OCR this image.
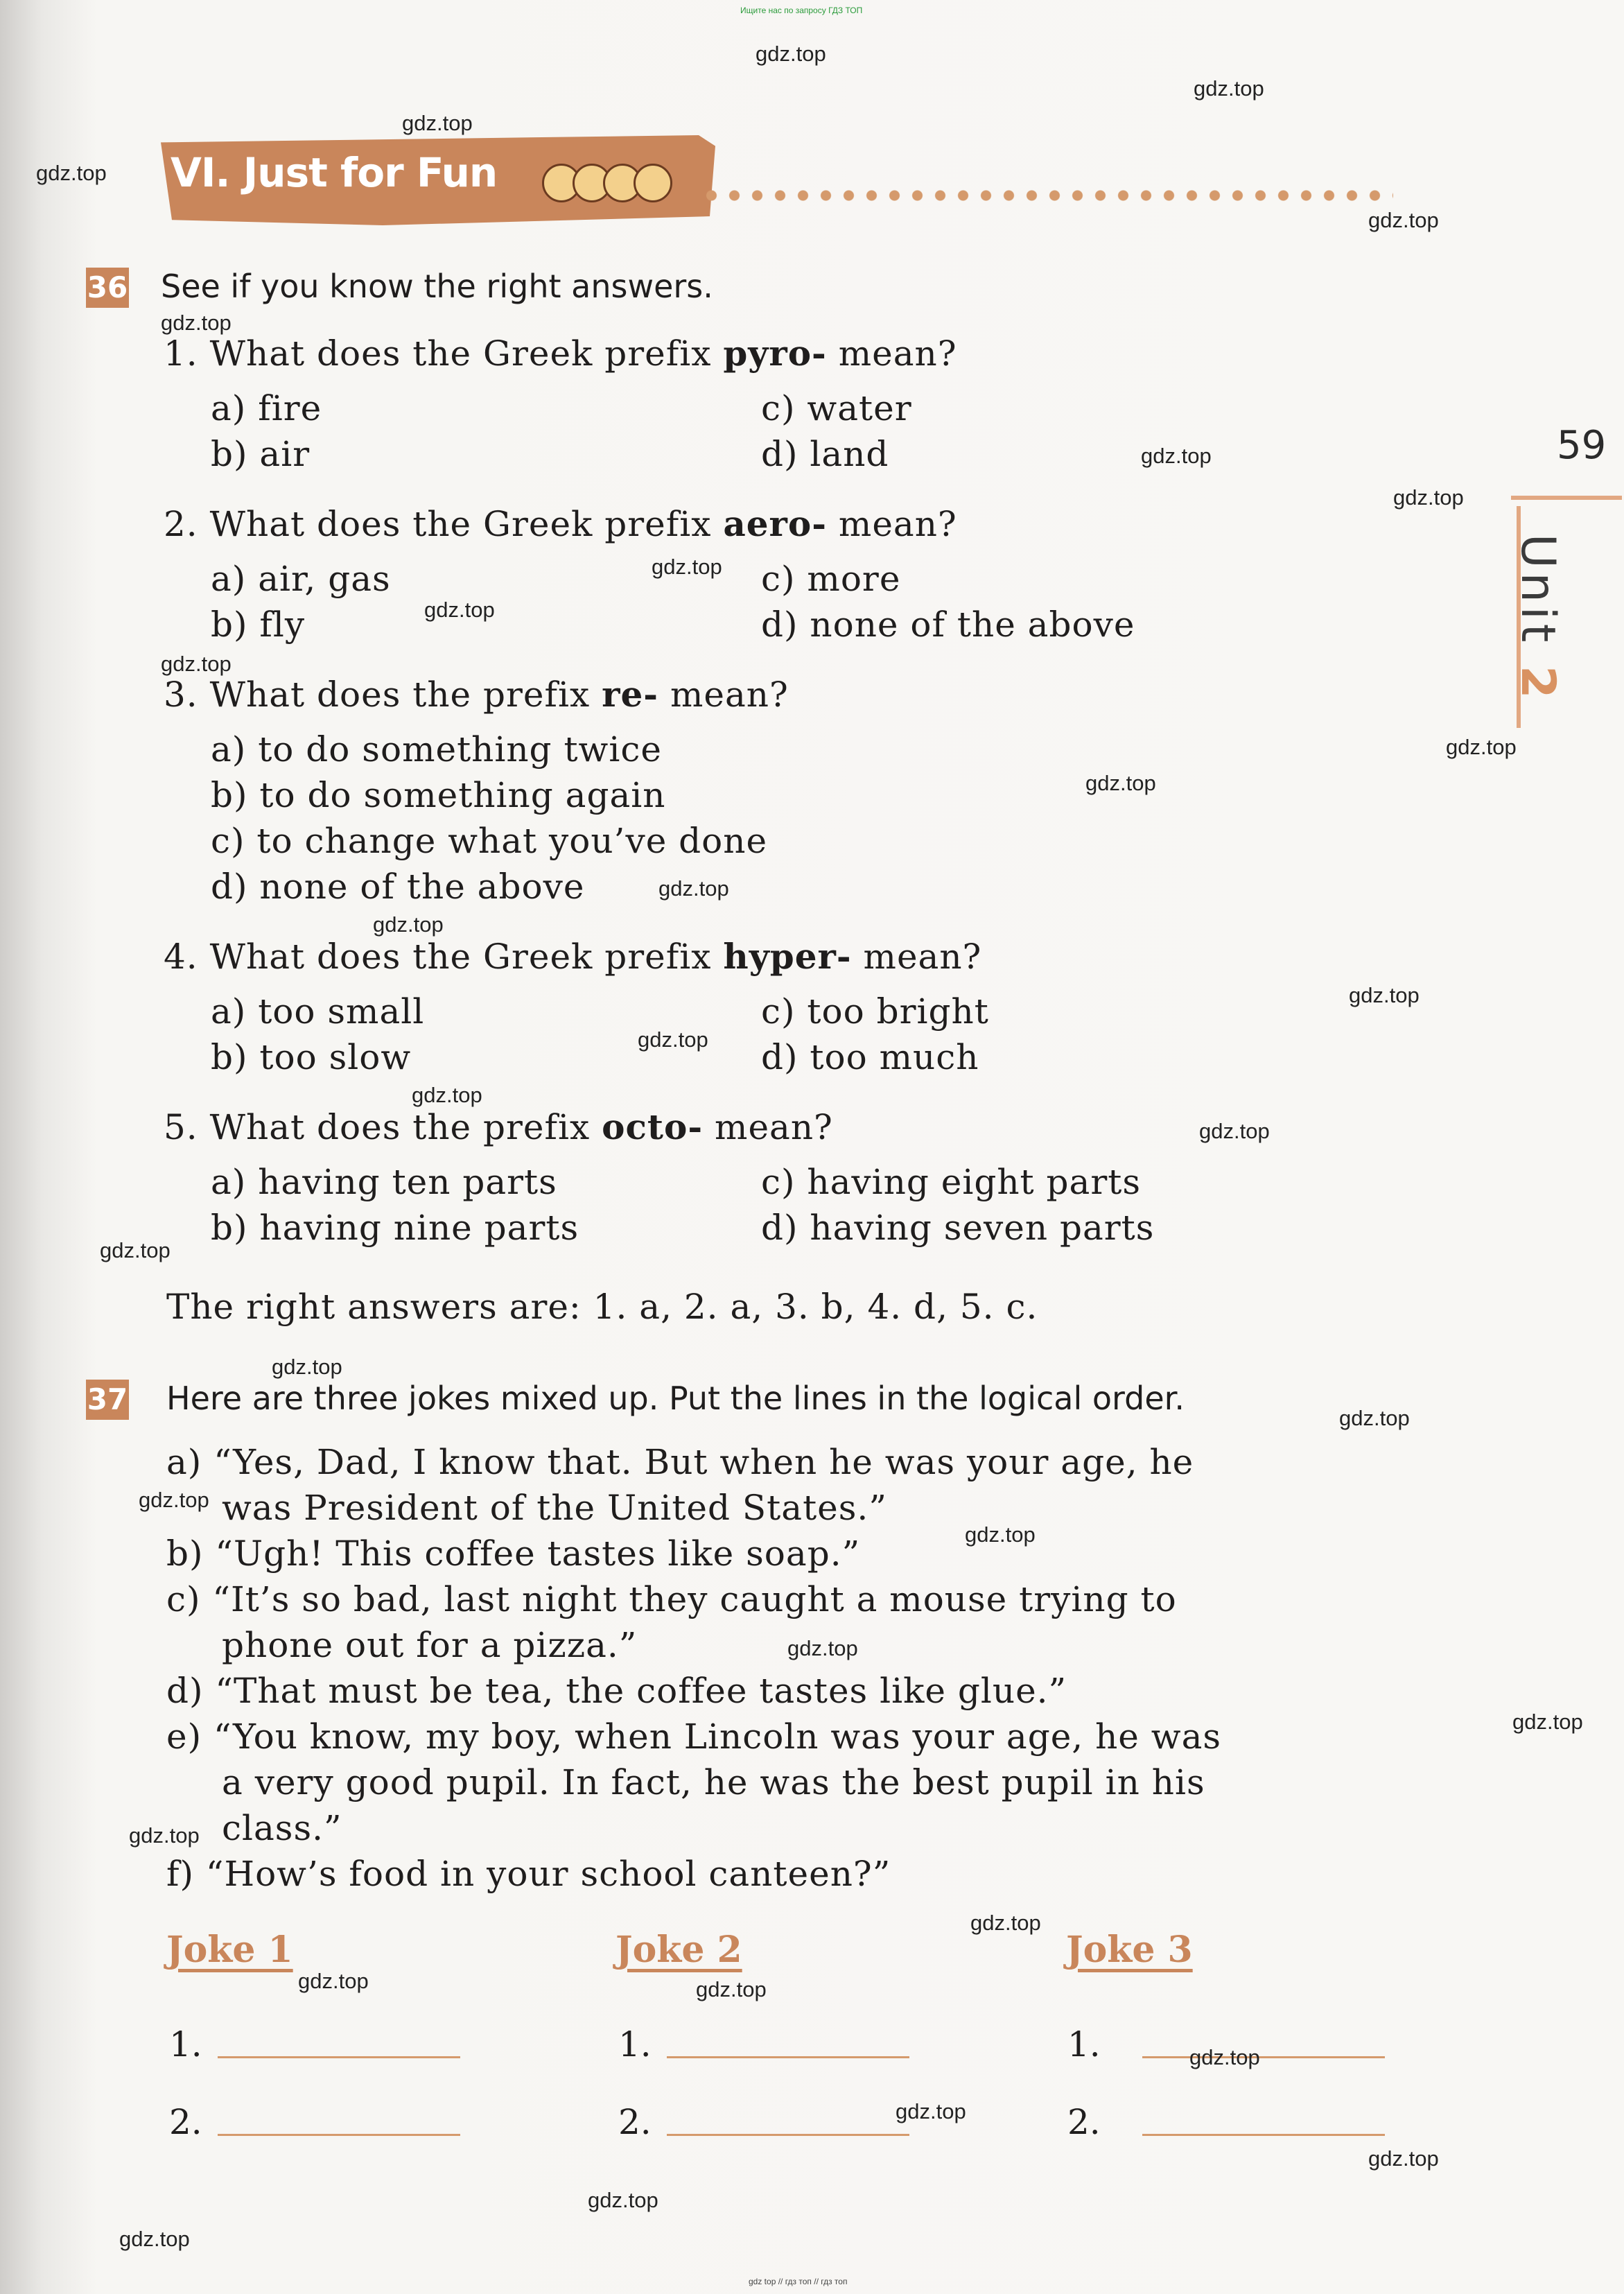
Ищите нас по запросу ГДЗ ТОП
VI. Just for Fun
59
Unit 2
36 See if you know the right answers.
1. What does the Greek prefix pyro- mean?
a) fire
b) air
c) water
d) land
2. What does the Greek prefix aero- mean?
a) air, gas
b) fly
c) more
d) none of the above
3. What does the prefix re- mean?
a) to do something twice
b) to do something again
c) to change what you’ve done
d) none of the above
4. What does the Greek prefix hyper- mean?
a) too small
b) too slow
c) too bright
d) too much
5. What does the prefix octo- mean?
a) having ten parts
b) having nine parts
c) having eight parts
d) having seven parts
The right answers are: 1. a, 2. a, 3. b, 4. d, 5. c.
37 Here are three jokes mixed up. Put the lines in the logical order.
a) “Yes, Dad, I know that. But when he was your age, he
was President of the United States.”
b) “Ugh! This coffee tastes like soap.”
c) “It’s so bad, last night they caught a mouse trying to
phone out for a pizza.”
d) “That must be tea, the coffee tastes like glue.”
e) “You know, my boy, when Lincoln was your age, he was
a very good pupil. In fact, he was the best pupil in his
class.”
f) “How’s food in your school canteen?”
Joke 1	Joke 2	Joke 3
1.
2.
1.
2.
1.
2.
gdz.top
gdz.top
gdz.top
gdz.top
gdz.top
gdz.top
gdz.top
gdz.top
gdz.top
gdz.top
gdz.top
gdz.top
gdz.top
gdz.top
gdz.top
gdz.top
gdz.top
gdz.top
gdz.top
gdz.top
gdz.top
gdz.top
gdz.top
gdz.top
gdz.top
gdz.top
gdz.top
gdz.top
gdz.top
gdz.top
gdz.top
gdz.top
gdz.top
gdz.top
gdz.top
gdz top // гдз топ // гдз топ
